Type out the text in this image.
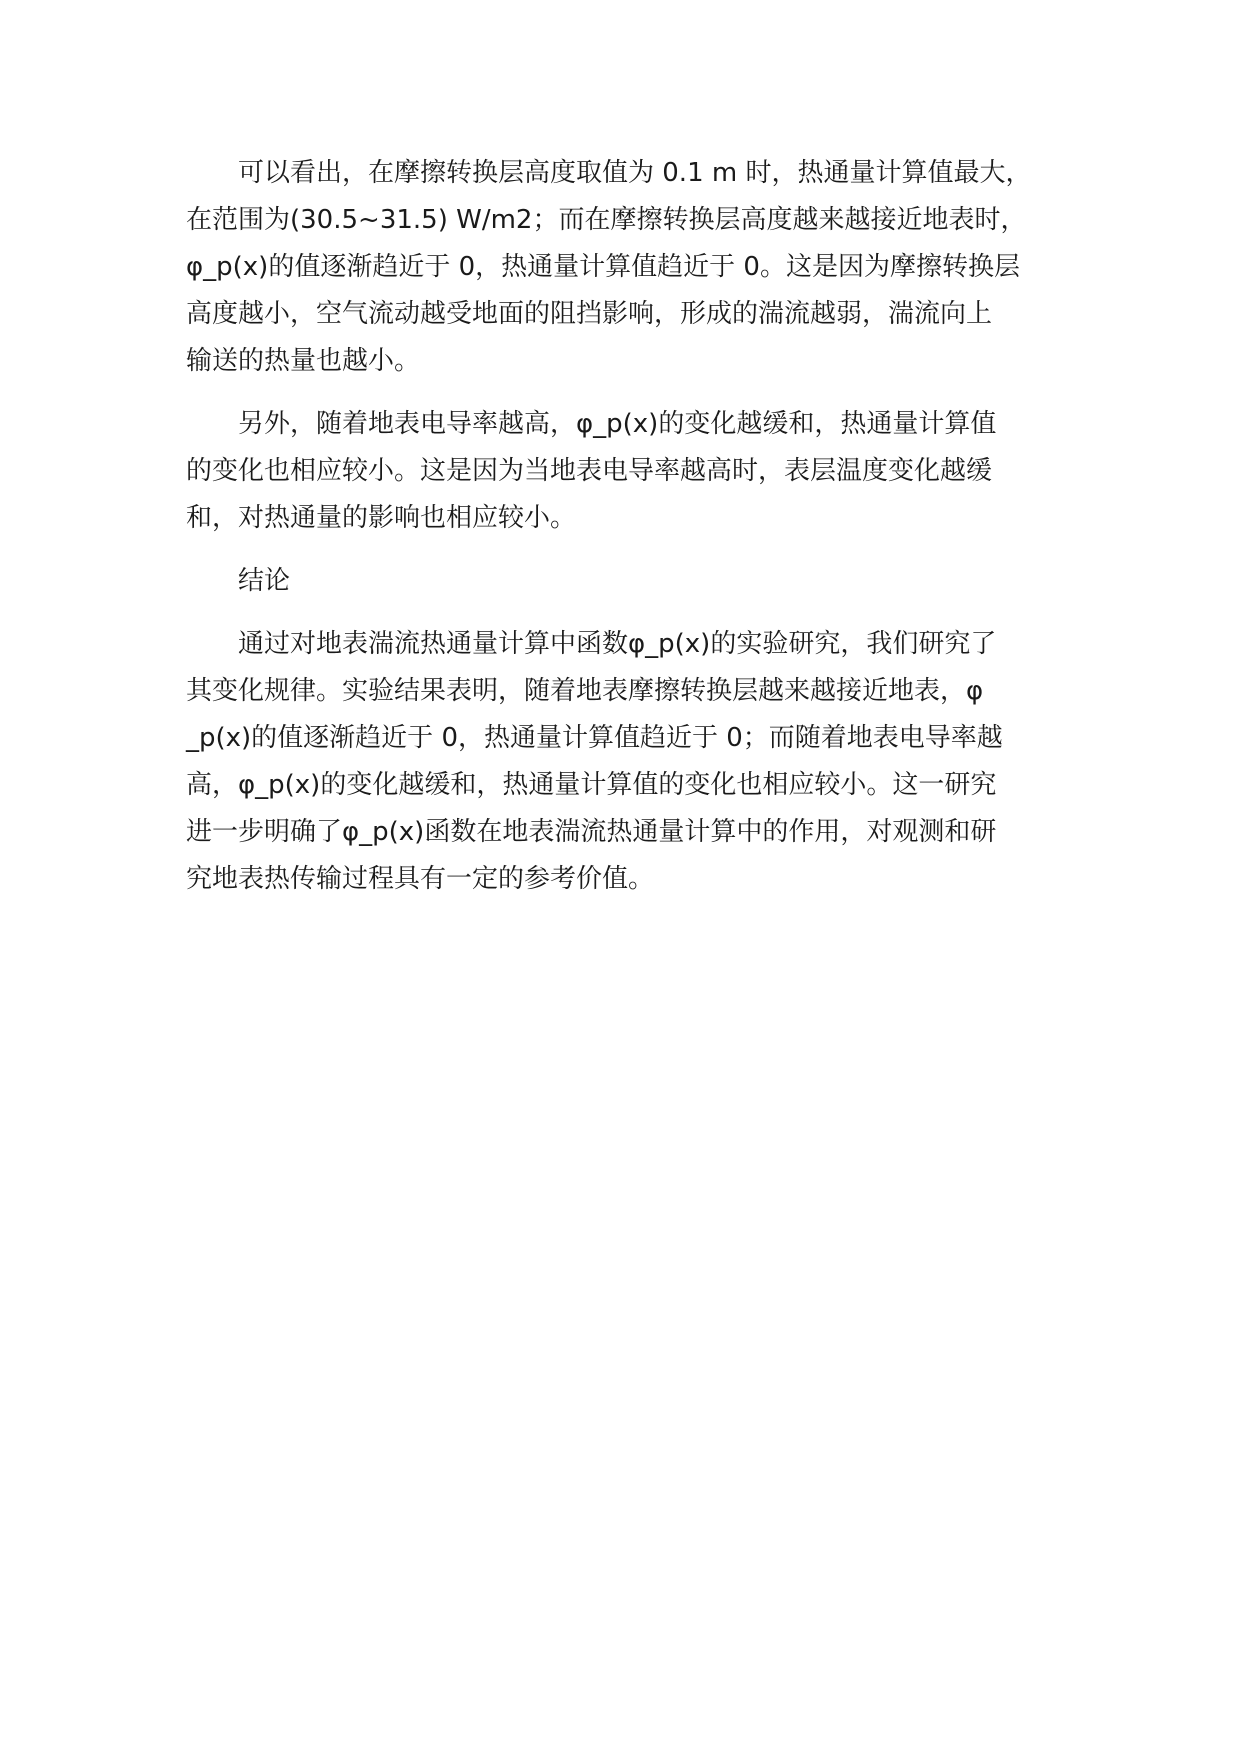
　　可以看出，在摩擦转换层高度取值为 0.1 m 时，热通量计算值最大，
在范围为(30.5~31.5) W/m2；而在摩擦转换层高度越来越接近地表时，
φ_p(x)的值逐渐趋近于 0，热通量计算值趋近于 0。这是因为摩擦转换层
高度越小，空气流动越受地面的阻挡影响，形成的湍流越弱，湍流向上
输送的热量也越小。

　　另外，随着地表电导率越高，φ_p(x)的变化越缓和，热通量计算值
的变化也相应较小。这是因为当地表电导率越高时，表层温度变化越缓
和，对热通量的影响也相应较小。

　　结论

　　通过对地表湍流热通量计算中函数φ_p(x)的实验研究，我们研究了
其变化规律。实验结果表明，随着地表摩擦转换层越来越接近地表，φ
_p(x)的值逐渐趋近于 0，热通量计算值趋近于 0；而随着地表电导率越
高，φ_p(x)的变化越缓和，热通量计算值的变化也相应较小。这一研究
进一步明确了φ_p(x)函数在地表湍流热通量计算中的作用，对观测和研
究地表热传输过程具有一定的参考价值。
